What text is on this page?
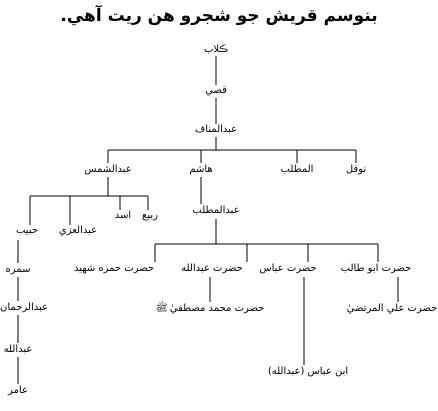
بنوسم قريش جو شجرو هن ريت آهي.
ڪلاب
قصي
عبدالمناف
عبدالشمس	هاشم	المطلب	نوفل
ربيع
اسد
عبدالعزي
حبيب
عبدالمطلب
حضرت حمزه شهيد	حضرت عبدالله حضرت عباس حضرت ابو طالب
سمره
عبدالرحمان
عبدالله
عامر
حضرت محمد مصطفيٰﷺ	حضرت علي المرتضيٰ
ابن عباس (عبدالله)
